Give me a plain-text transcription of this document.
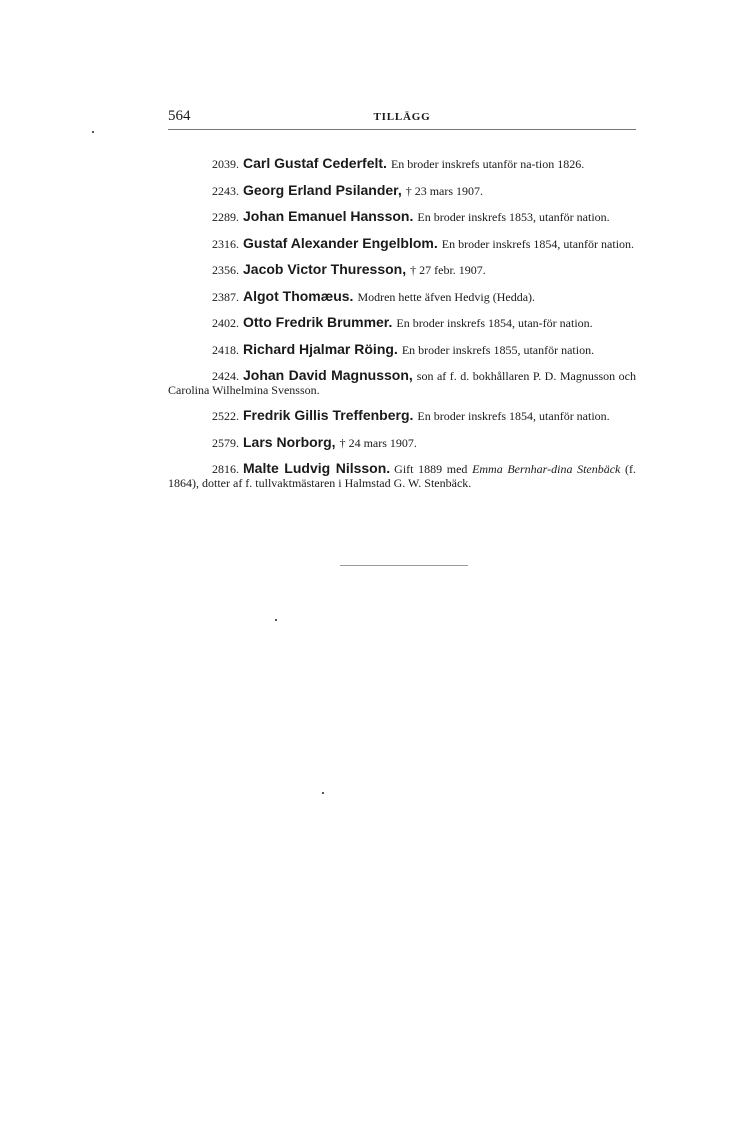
564	TILLÄGG

2039. Carl Gustaf Cederfelt. En broder inskrefs utanför na-tion 1826.

2243. Georg Erland Psilander, † 23 mars 1907.

2289. Johan Emanuel Hansson. En broder inskrefs 1853, utanför nation.

2316. Gustaf Alexander Engelblom. En broder inskrefs 1854, utanför nation.

2356. Jacob Victor Thuresson, † 27 febr. 1907.

2387. Algot Thomæus. Modren hette äfven Hedvig (Hedda).

2402. Otto Fredrik Brummer. En broder inskrefs 1854, utan-för nation.

2418. Richard Hjalmar Röing. En broder inskrefs 1855, utanför nation.

2424. Johan David Magnusson, son af f. d. bokhållaren P. D. Magnusson och Carolina Wilhelmina Svensson.

2522. Fredrik Gillis Treffenberg. En broder inskrefs 1854, utanför nation.

2579. Lars Norborg, † 24 mars 1907.

2816. Malte Ludvig Nilsson. Gift 1889 med Emma Bernhar-dina Stenbäck (f. 1864), dotter af f. tullvaktmästaren i Halmstad G. W. Stenbäck.
